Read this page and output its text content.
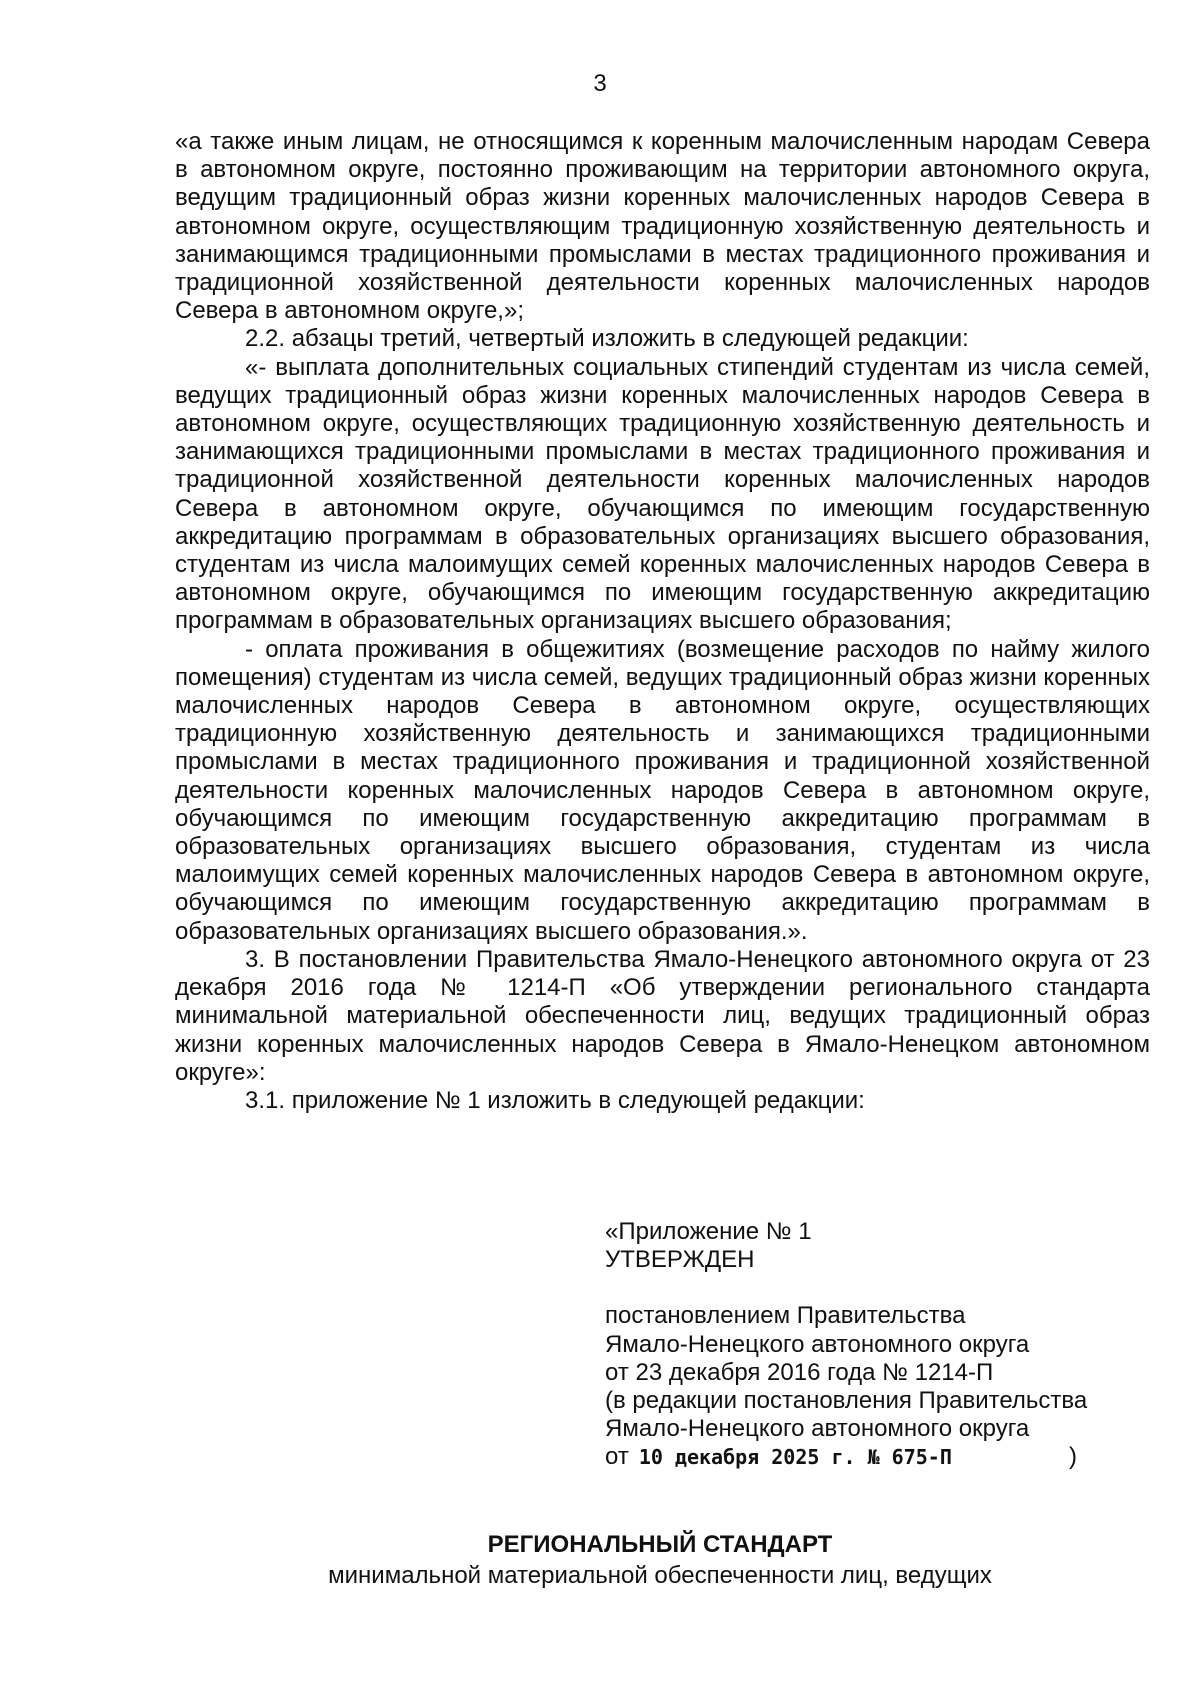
3

«а также иным лицам, не относящимся к коренным малочисленным народам Севера в автономном округе, постоянно проживающим на территории автономного округа, ведущим традиционный образ жизни коренных малочисленных народов Севера в автономном округе, осуществляющим традиционную хозяйственную деятельность и занимающимся традиционными промыслами в местах традиционного проживания и традиционной хозяйственной деятельности коренных малочисленных народов Севера в автономном округе,»;

2.2. абзацы третий, четвертый изложить в следующей редакции:

«- выплата дополнительных социальных стипендий студентам из числа семей, ведущих традиционный образ жизни коренных малочисленных народов Севера в автономном округе, осуществляющих традиционную хозяйственную деятельность и занимающихся традиционными промыслами в местах традиционного проживания и традиционной хозяйственной деятельности коренных малочисленных народов Севера в автономном округе, обучающимся по имеющим государственную аккредитацию программам в образовательных организациях высшего образования, студентам из числа малоимущих семей коренных малочисленных народов Севера в автономном округе, обучающимся по имеющим государственную аккредитацию программам в образовательных организациях высшего образования;

- оплата проживания в общежитиях (возмещение расходов по найму жилого помещения) студентам из числа семей, ведущих традиционный образ жизни коренных малочисленных народов Севера в автономном округе, осуществляющих традиционную хозяйственную деятельность и занимающихся традиционными промыслами в местах традиционного проживания и традиционной хозяйственной деятельности коренных малочисленных народов Севера в автономном округе, обучающимся по имеющим государственную аккредитацию программам в образовательных организациях высшего образования, студентам из числа малоимущих семей коренных малочисленных народов Севера в автономном округе, обучающимся по имеющим государственную аккредитацию программам в образовательных организациях высшего образования.».

3. В постановлении Правительства Ямало-Ненецкого автономного округа от 23 декабря 2016 года № 1214-П «Об утверждении регионального стандарта минимальной материальной обеспеченности лиц, ведущих традиционный образ жизни коренных малочисленных народов Севера в Ямало-Ненецком автономном округе»:

3.1. приложение № 1 изложить в следующей редакции:

«Приложение № 1
УТВЕРЖДЕН
постановлением Правительства
Ямало-Ненецкого автономного округа
от 23 декабря 2016 года № 1214-П
(в редакции постановления Правительства
Ямало-Ненецкого автономного округа
от 10 декабря 2025 г. № 675-П	)
РЕГИОНАЛЬНЫЙ СТАНДАРТ
минимальной материальной обеспеченности лиц, ведущих
